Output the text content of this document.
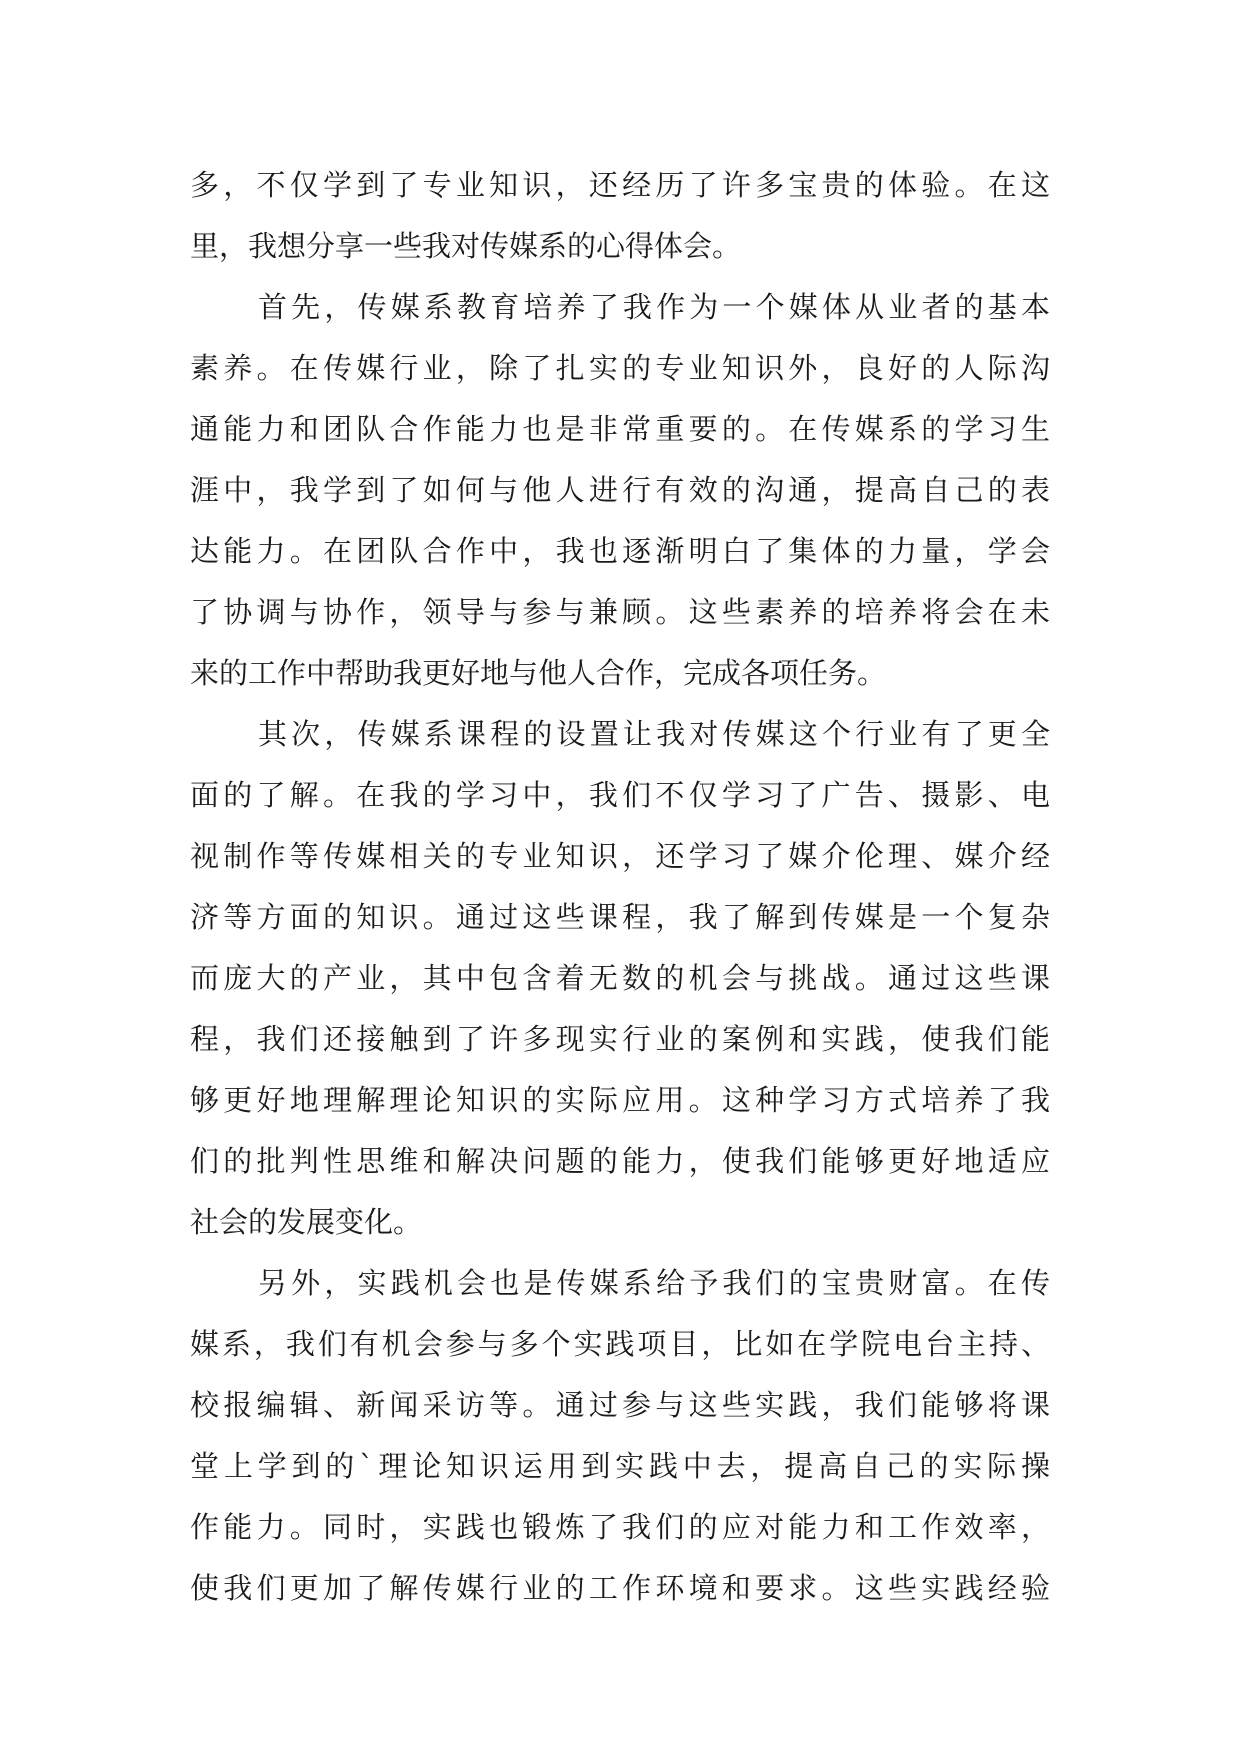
多，不仅学到了专业知识，还经历了许多宝贵的体验。在这
里，我想分享一些我对传媒系的心得体会。
首先，传媒系教育培养了我作为一个媒体从业者的基本
素养。在传媒行业，除了扎实的专业知识外，良好的人际沟
通能力和团队合作能力也是非常重要的。在传媒系的学习生
涯中，我学到了如何与他人进行有效的沟通，提高自己的表
达能力。在团队合作中，我也逐渐明白了集体的力量，学会
了协调与协作，领导与参与兼顾。这些素养的培养将会在未
来的工作中帮助我更好地与他人合作，完成各项任务。
其次，传媒系课程的设置让我对传媒这个行业有了更全
面的了解。在我的学习中，我们不仅学习了广告、摄影、电
视制作等传媒相关的专业知识，还学习了媒介伦理、媒介经
济等方面的知识。通过这些课程，我了解到传媒是一个复杂
而庞大的产业，其中包含着无数的机会与挑战。通过这些课
程，我们还接触到了许多现实行业的案例和实践，使我们能
够更好地理解理论知识的实际应用。这种学习方式培养了我
们的批判性思维和解决问题的能力，使我们能够更好地适应
社会的发展变化。
另外，实践机会也是传媒系给予我们的宝贵财富。在传
媒系，我们有机会参与多个实践项目，比如在学院电台主持、
校报编辑、新闻采访等。通过参与这些实践，我们能够将课
堂上学到的`理论知识运用到实践中去，提高自己的实际操
作能力。同时，实践也锻炼了我们的应对能力和工作效率，
使我们更加了解传媒行业的工作环境和要求。这些实践经验
